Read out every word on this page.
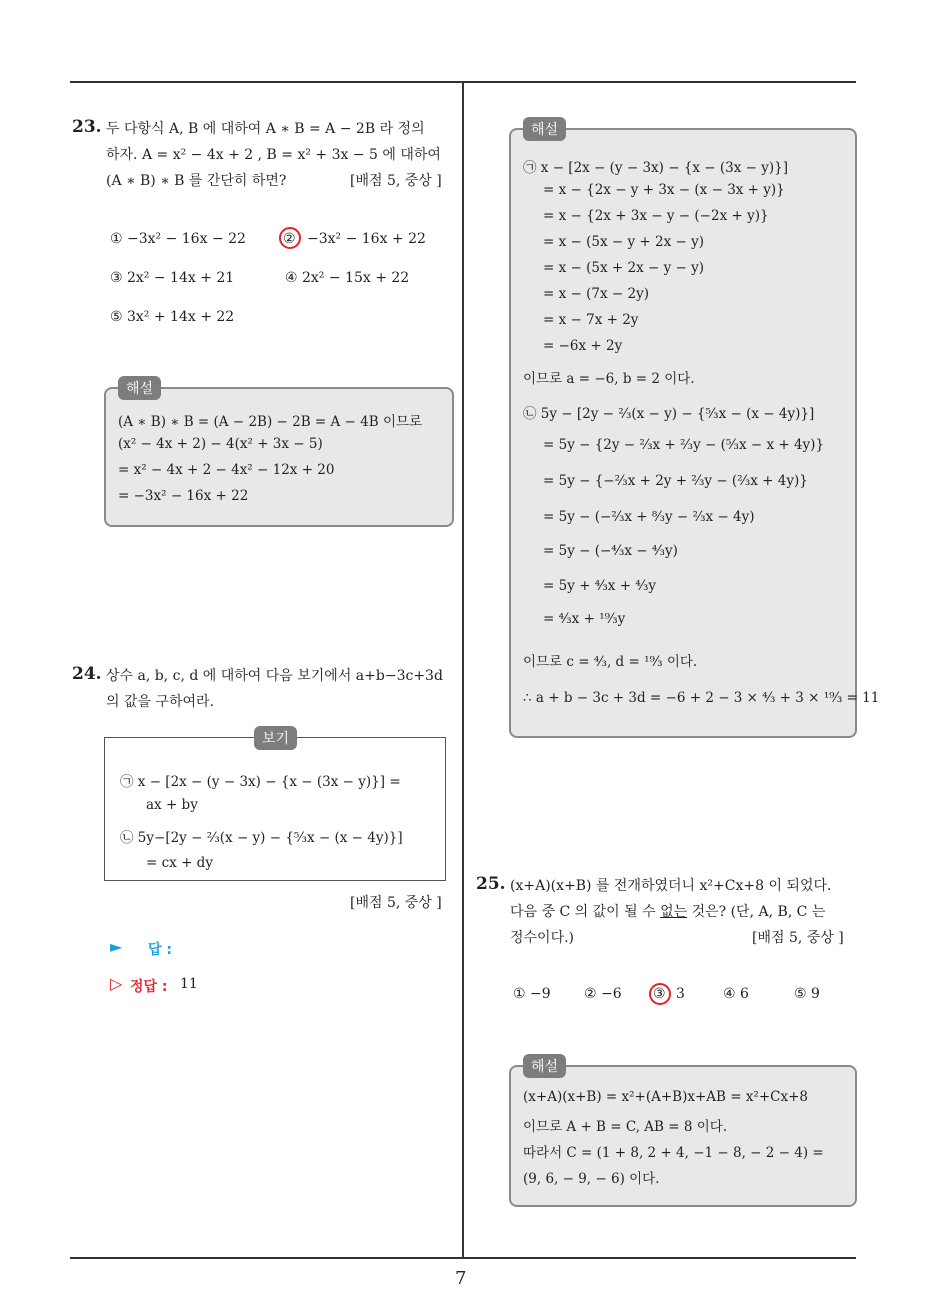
7
23. 두 다항식 A, B 에 대하여 A ∗ B = A − 2B 라 정의
하자. A = x² − 4x + 2 , B = x² + 3x − 5 에 대하여
(A ∗ B) ∗ B 를 간단히 하면?	[배점 5, 중상 ]
① −3x² − 16x − 22	② −3x² − 16x + 22
③ 2x² − 14x + 21	④ 2x² − 15x + 22
⑤ 3x² + 14x + 22
해설
(A ∗ B) ∗ B = (A − 2B) − 2B = A − 4B 이므로
(x² − 4x + 2) − 4(x² + 3x − 5)
= x² − 4x + 2 − 4x² − 12x + 20
= −3x² − 16x + 22
24. 상수 a, b, c, d 에 대하여 다음 보기에서 a+b−3c+3d
의 값을 구하여라.
보기
㉠ x − [2x − (y − 3x) − {x − (3x − y)}] =
ax + by
㉡ 5y−[2y − ²⁄₃(x − y) − {⁵⁄₃x − (x − 4y)}]
= cx + dy
[배점 5, 중상 ]
► 답 :
▷ 정답 : 11
해설
㉠ x − [2x − (y − 3x) − {x − (3x − y)}]
= x − {2x − y + 3x − (x − 3x + y)}
= x − {2x + 3x − y − (−2x + y)}
= x − (5x − y + 2x − y)
= x − (5x + 2x − y − y)
= x − (7x − 2y)
= x − 7x + 2y
= −6x + 2y
이므로 a = −6, b = 2 이다.
㉡ 5y − [2y − ²⁄₃(x − y) − {⁵⁄₃x − (x − 4y)}]
= 5y − {2y − ²⁄₃x + ²⁄₃y − (⁵⁄₃x − x + 4y)}
= 5y − {−²⁄₃x + 2y + ²⁄₃y − (²⁄₃x + 4y)}
= 5y − (−²⁄₃x + ⁸⁄₃y − ²⁄₃x − 4y)
= 5y − (−⁴⁄₃x − ⁴⁄₃y)
= 5y + ⁴⁄₃x + ⁴⁄₃y
= ⁴⁄₃x + ¹⁹⁄₃y
이므로 c = ⁴⁄₃, d = ¹⁹⁄₃ 이다.
∴ a + b − 3c + 3d = −6 + 2 − 3 × ⁴⁄₃ + 3 × ¹⁹⁄₃ = 11
25. (x+A)(x+B) 를 전개하였더니 x²+Cx+8 이 되었다.
다음 중 C 의 값이 될 수 없는 것은? (단, A, B, C 는
정수이다.)	[배점 5, 중상 ]
① −9 ② −6 ③ 3	④ 6	⑤ 9
해설
(x+A)(x+B) = x²+(A+B)x+AB = x²+Cx+8
이므로 A + B = C, AB = 8 이다.
따라서 C = (1 + 8, 2 + 4, −1 − 8, − 2 − 4) =
(9, 6, − 9, − 6) 이다.
